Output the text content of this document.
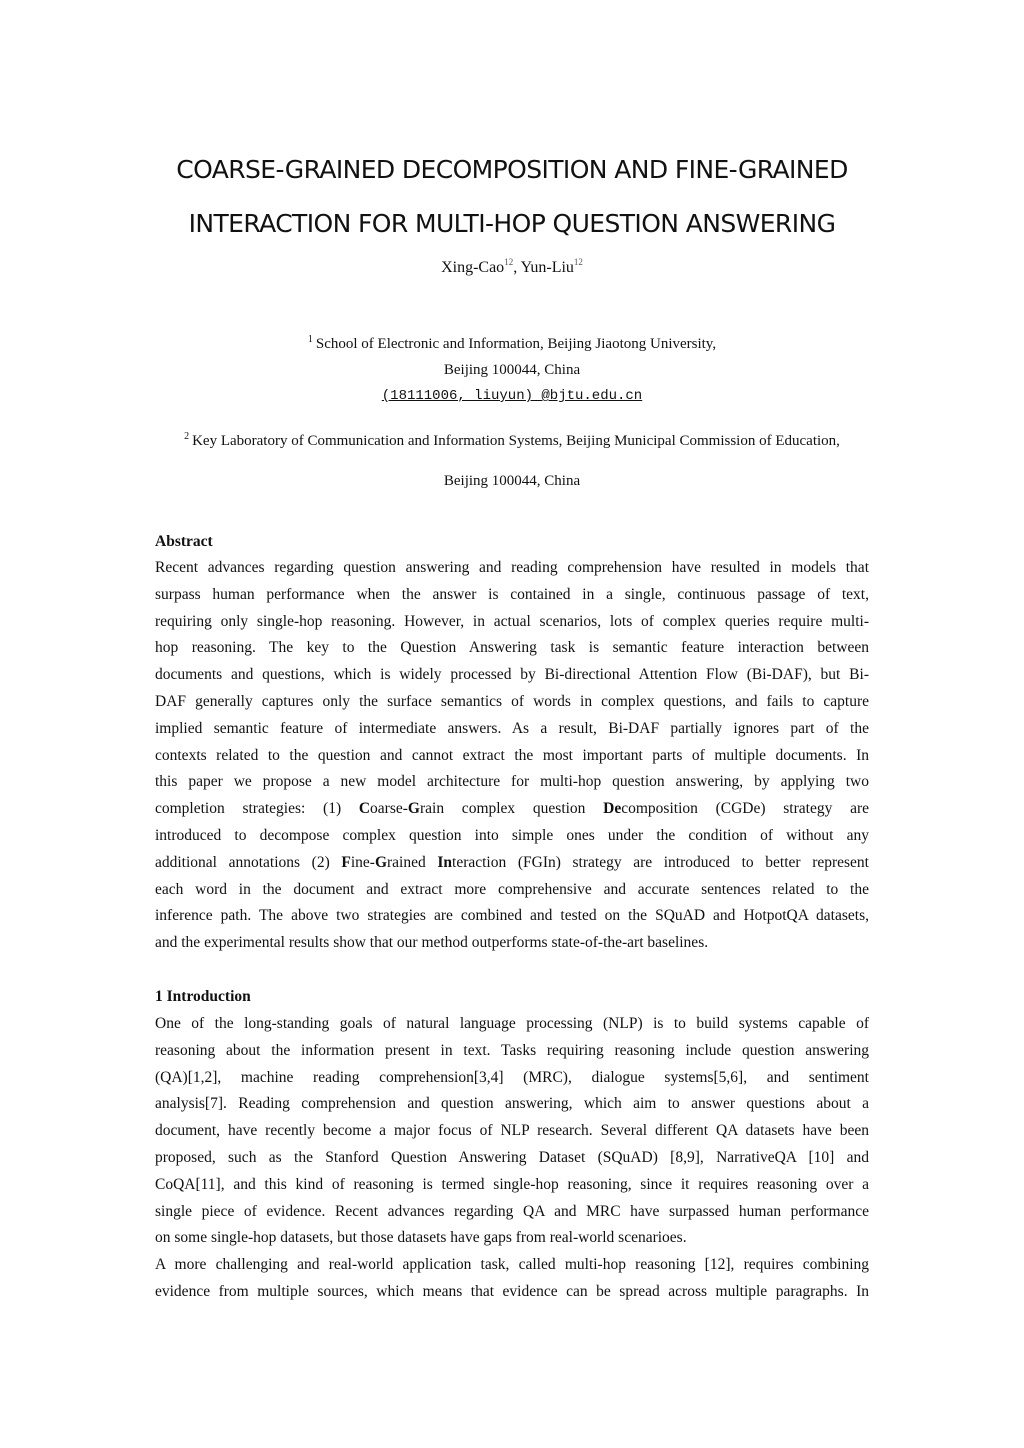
COARSE-GRAINED DECOMPOSITION AND FINE-GRAINED
INTERACTION FOR MULTI-HOP QUESTION ANSWERING
Xing-Cao$^{12}$, Yun-Liu$^{12}$
$^1$ School of Electronic and Information, Beijing Jiaotong University,
Beijing 100044, China
(18111006, liuyun) @bjtu.edu.cn
$^2$ Key Laboratory of Communication and Information Systems, Beijing Municipal Commission of Education,
Beijing 100044, China
Abstract
Recent advances regarding question answering and reading comprehension have resulted in models that
surpass human performance when the answer is contained in a single, continuous passage of text,
requiring only single-hop reasoning. However, in actual scenarios, lots of complex queries require multi-
hop reasoning. The key to the Question Answering task is semantic feature interaction between
documents and questions, which is widely processed by Bi-directional Attention Flow (Bi-DAF), but Bi-
DAF generally captures only the surface semantics of words in complex questions, and fails to capture
implied semantic feature of intermediate answers. As a result, Bi-DAF partially ignores part of the
contexts related to the question and cannot extract the most important parts of multiple documents. In
this paper we propose a new model architecture for multi-hop question answering, by applying two
completion strategies: (1) Coarse-Grain complex question Decomposition (CGDe) strategy are
introduced to decompose complex question into simple ones under the condition of without any
additional annotations (2) Fine-Grained Interaction (FGIn) strategy are introduced to better represent
each word in the document and extract more comprehensive and accurate sentences related to the
inference path. The above two strategies are combined and tested on the SQuAD and HotpotQA datasets,
and the experimental results show that our method outperforms state-of-the-art baselines.
1 Introduction
One of the long-standing goals of natural language processing (NLP) is to build systems capable of
reasoning about the information present in text. Tasks requiring reasoning include question answering
(QA)[1,2], machine reading comprehension[3,4] (MRC), dialogue systems[5,6], and sentiment
analysis[7]. Reading comprehension and question answering, which aim to answer questions about a
document, have recently become a major focus of NLP research. Several different QA datasets have been
proposed, such as the Stanford Question Answering Dataset (SQuAD) [8,9], NarrativeQA [10] and
CoQA[11], and this kind of reasoning is termed single-hop reasoning, since it requires reasoning over a
single piece of evidence. Recent advances regarding QA and MRC have surpassed human performance
on some single-hop datasets, but those datasets have gaps from real-world scenarioes.
A more challenging and real-world application task, called multi-hop reasoning [12], requires combining
evidence from multiple sources, which means that evidence can be spread across multiple paragraphs. In
